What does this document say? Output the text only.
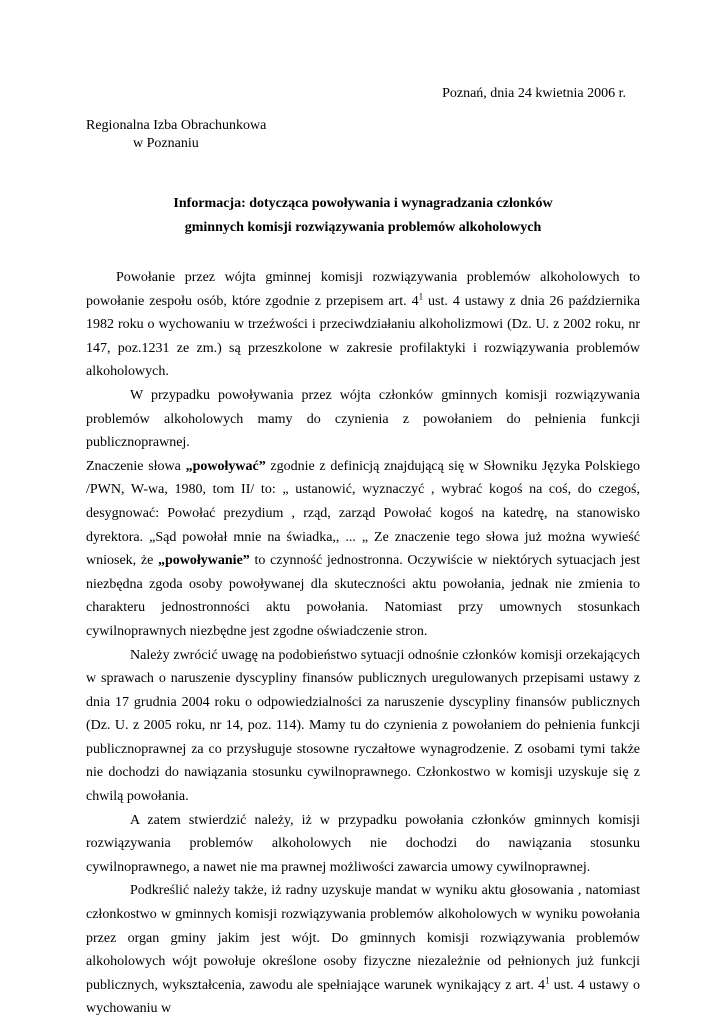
Poznań, dnia 24 kwietnia 2006 r.
Regionalna Izba Obrachunkowa
w Poznaniu
Informacja: dotycząca powoływania i wynagradzania członków
gminnych komisji rozwiązywania problemów alkoholowych

Powołanie przez wójta gminnej komisji rozwiązywania problemów alkoholowych to powołanie zespołu osób, które zgodnie z przepisem art. $4^1$ ust. 4 ustawy z dnia 26 października 1982 roku o wychowaniu w trzeźwości i przeciwdziałaniu alkoholizmowi (Dz. U. z 2002 roku, nr 147, poz.1231 ze zm.) są przeszkolone w zakresie profilaktyki i rozwiązywania problemów alkoholowych.

W przypadku powoływania przez wójta członków gminnych komisji rozwiązywania problemów alkoholowych mamy do czynienia z powołaniem do pełnienia funkcji publicznoprawnej.

Znaczenie słowa „powoływać” zgodnie z definicją znajdującą się w Słowniku Języka Polskiego /PWN, W-wa, 1980, tom II/ to: „ ustanowić, wyznaczyć , wybrać kogoś na coś, do czegoś, desygnować: Powołać prezydium , rząd, zarząd Powołać kogoś na katedrę, na stanowisko dyrektora. „Sąd powołał mnie na świadka,, ... „ Ze znaczenie tego słowa już można wywieść wniosek, że „powoływanie” to czynność jednostronna. Oczywiście w niektórych sytuacjach jest niezbędna zgoda osoby powoływanej dla skuteczności aktu powołania, jednak nie zmienia to charakteru jednostronności aktu powołania. Natomiast przy umownych stosunkach cywilnoprawnych niezbędne jest zgodne oświadczenie stron.

Należy zwrócić uwagę na podobieństwo sytuacji odnośnie członków komisji orzekających w sprawach o naruszenie dyscypliny finansów publicznych uregulowanych przepisami ustawy z dnia 17 grudnia 2004 roku o odpowiedzialności za naruszenie dyscypliny finansów publicznych (Dz. U. z 2005 roku, nr 14, poz. 114). Mamy tu do czynienia z powołaniem do pełnienia funkcji publicznoprawnej za co przysługuje stosowne ryczałtowe wynagrodzenie. Z osobami tymi także nie dochodzi do nawiązania stosunku cywilnoprawnego. Członkostwo w komisji uzyskuje się z chwilą powołania.

A zatem stwierdzić należy, iż w przypadku powołania członków gminnych komisji rozwiązywania problemów alkoholowych nie dochodzi do nawiązania stosunku cywilnoprawnego, a nawet nie ma prawnej możliwości zawarcia umowy cywilnoprawnej.

Podkreślić należy także, iż radny uzyskuje mandat w wyniku aktu głosowania , natomiast członkostwo w gminnych komisji rozwiązywania problemów alkoholowych w wyniku powołania przez organ gminy jakim jest wójt. Do gminnych komisji rozwiązywania problemów alkoholowych wójt powołuje określone osoby fizyczne niezależnie od pełnionych już funkcji publicznych, wykształcenia, zawodu ale spełniające warunek wynikający z art. $4^1$ ust. 4 ustawy o wychowaniu w
